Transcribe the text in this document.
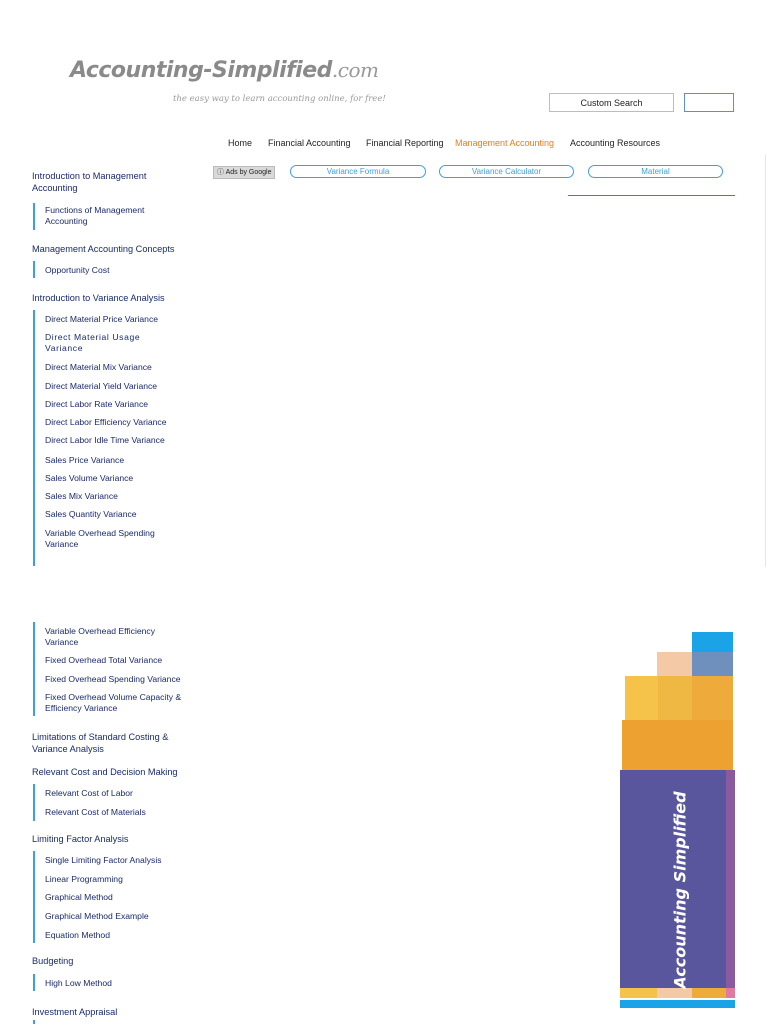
Accounting-Simplified.com
the easy way to learn accounting online, for free!	Custom Search
Home Financial Accounting Financial Reporting Management Accounting Accounting Resources
ⓘ Ads by Google	Variance Formula	Variance Calculator	Material
Introduction to Management Accounting
Functions of Management Accounting
Management Accounting Concepts
Opportunity Cost
Introduction to Variance Analysis
Direct Material Price Variance
Direct Material Usage Variance
Direct Material Mix Variance
Direct Material Yield Variance
Direct Labor Rate Variance
Direct Labor Efficiency Variance
Direct Labor Idle Time Variance
Sales Price Variance
Sales Volume Variance
Sales Mix Variance
Sales Quantity Variance
Variable Overhead Spending Variance
Variable Overhead Efficiency Variance
Fixed Overhead Total Variance
Fixed Overhead Spending Variance
Fixed Overhead Volume Capacity & Efficiency Variance
Limitations of Standard Costing & Variance Analysis
Relevant Cost and Decision Making
Relevant Cost of Labor
Relevant Cost of Materials
Limiting Factor Analysis
Single Limiting Factor Analysis
Linear Programming
Graphical Method
Graphical Method Example
Equation Method
Budgeting
High Low Method
Investment Appraisal
Accounting Simplified
